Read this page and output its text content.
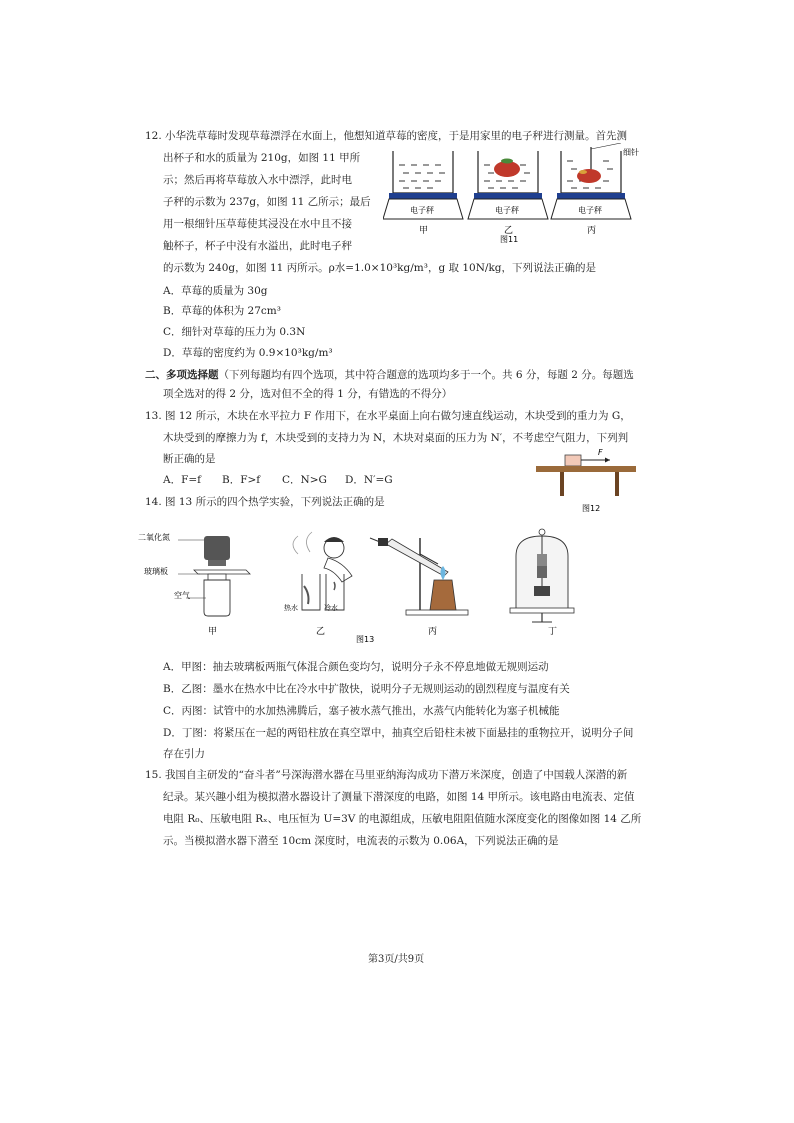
12. 小华洗草莓时发现草莓漂浮在水面上，他想知道草莓的密度，于是用家里的电子秤进行测量。首先测
出杯子和水的质量为 210g，如图 11 甲所
示；然后再将草莓放入水中漂浮，此时电
子秤的示数为 237g，如图 11 乙所示；最后
用一根细针压草莓使其浸没在水中且不接
触杯子，杯子中没有水溢出，此时电子秤
的示数为 240g，如图 11 丙所示。ρ水=1.0×10³kg/m³，g 取 10N/kg，下列说法正确的是
A．草莓的质量为 30g
B．草莓的体积为 27cm³
C．细针对草莓的压力为 0.3N
D．草莓的密度约为 0.9×10³kg/m³
电子秤	电子秤	电子秤
细针
甲	乙	丙
图11
二、多项选择题（下列每题均有四个选项，其中符合题意的选项均多于一个。共 6 分，每题 2 分。每题选
项全选对的得 2 分，选对但不全的得 1 分，有错选的不得分）
13. 图 12 所示，木块在水平拉力 F 作用下，在水平桌面上向右做匀速直线运动，木块受到的重力为 G，
木块受到的摩擦力为 f，木块受到的支持力为 N，木块对桌面的压力为 N′，不考虑空气阻力，下列判
断正确的是
A．F=f B．F>f C．N>G D．N′=G
F
图12
14. 图 13 所示的四个热学实验，下列说法正确的是
二氧化氮
玻璃板
空气
甲
热水	冷水
乙	丙	丁
图13
A．甲图：抽去玻璃板两瓶气体混合颜色变均匀，说明分子永不停息地做无规则运动
B．乙图：墨水在热水中比在冷水中扩散快，说明分子无规则运动的剧烈程度与温度有关
C．丙图：试管中的水加热沸腾后，塞子被水蒸气推出，水蒸气内能转化为塞子机械能
D．丁图：将紧压在一起的两铅柱放在真空罩中，抽真空后铅柱未被下面悬挂的重物拉开，说明分子间
存在引力
15. 我国自主研发的“奋斗者”号深海潜水器在马里亚纳海沟成功下潜万米深度，创造了中国载人深潜的新
纪录。某兴趣小组为模拟潜水器设计了测量下潜深度的电路，如图 14 甲所示。该电路由电流表、定值
电阻 R₀、压敏电阻 Rₓ、电压恒为 U=3V 的电源组成，压敏电阻阻值随水深度变化的图像如图 14 乙所
示。当模拟潜水器下潜至 10cm 深度时，电流表的示数为 0.06A，下列说法正确的是
第3页/共9页
